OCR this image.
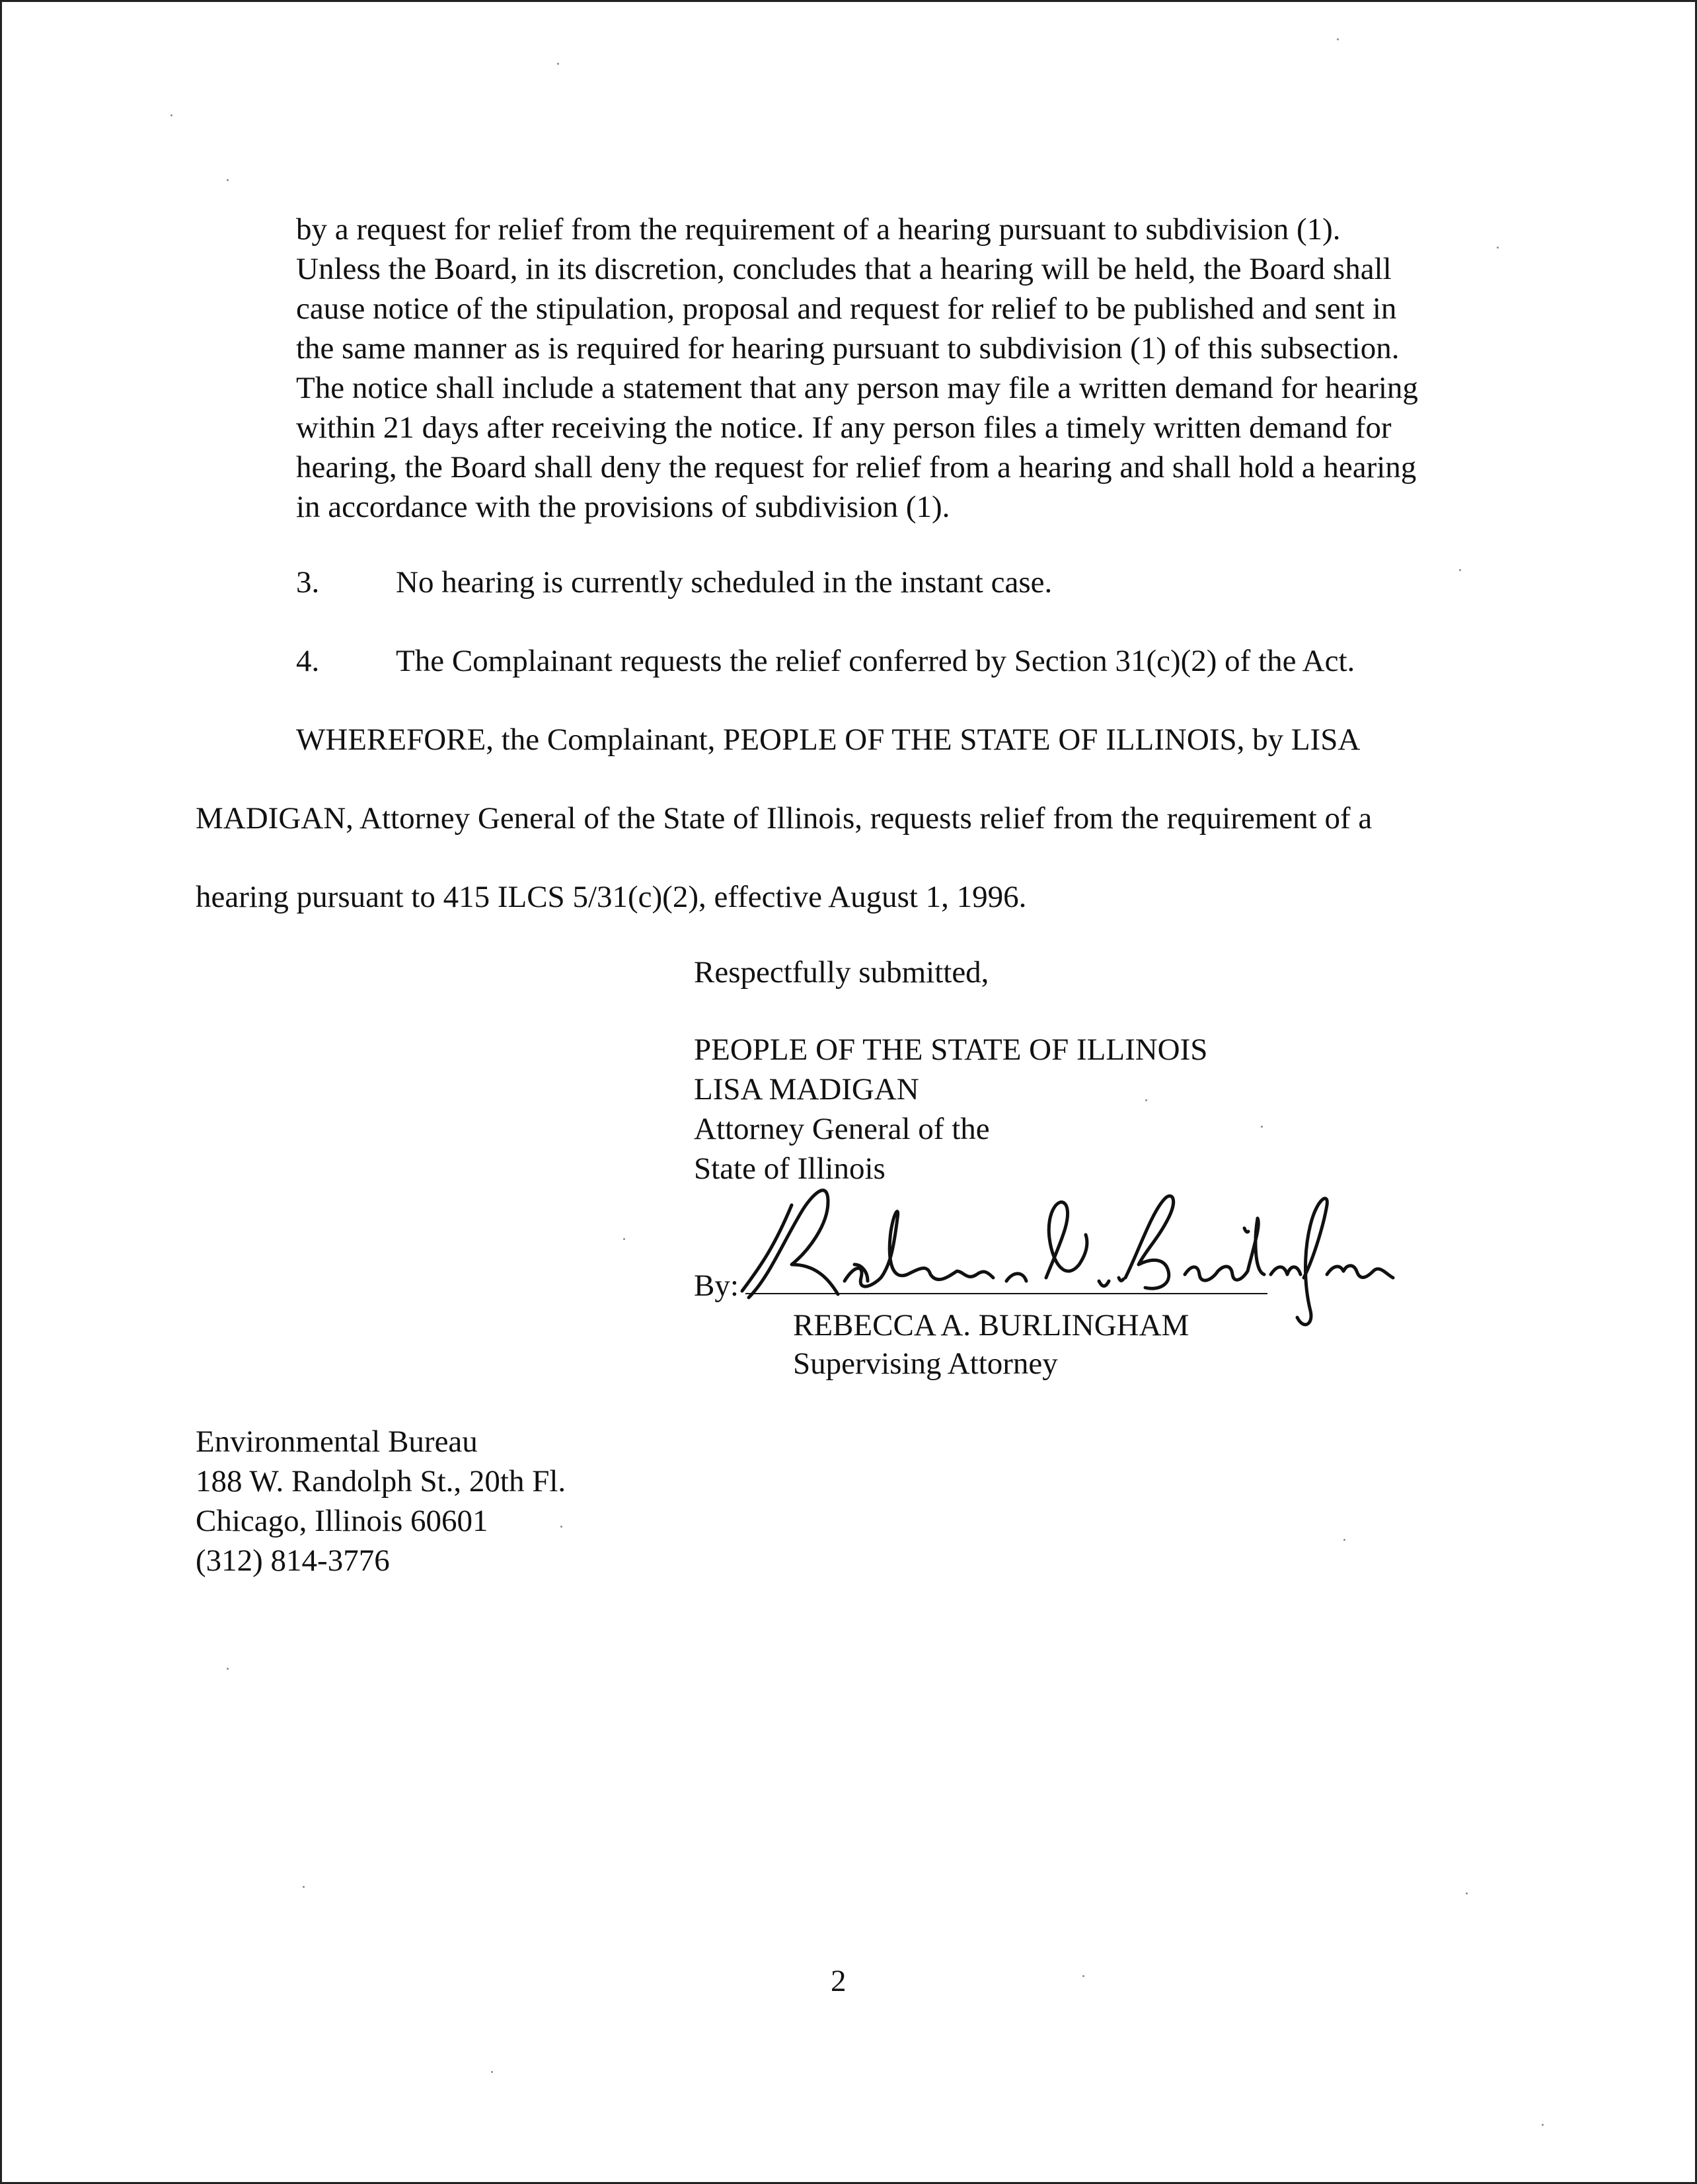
by a request for relief from the requirement of a hearing pursuant to subdivision (1).
Unless the Board, in its discretion, concludes that a hearing will be held, the Board shall
cause notice of the stipulation, proposal and request for relief to be published and sent in
the same manner as is required for hearing pursuant to subdivision (1) of this subsection.
The notice shall include a statement that any person may file a written demand for hearing
within 21 days after receiving the notice. If any person files a timely written demand for
hearing, the Board shall deny the request for relief from a hearing and shall hold a hearing
in accordance with the provisions of subdivision (1).

3. No hearing is currently scheduled in the instant case.

4. The Complainant requests the relief conferred by Section 31(c)(2) of the Act.

WHEREFORE, the Complainant, PEOPLE OF THE STATE OF ILLINOIS, by LISA

MADIGAN, Attorney General of the State of Illinois, requests relief from the requirement of a

hearing pursuant to 415 ILCS 5/31(c)(2), effective August 1, 1996.

Respectfully submitted,

PEOPLE OF THE STATE OF ILLINOIS
LISA MADIGAN
Attorney General of the
State of Illinois

By:

REBECCA A. BURLINGHAM

Supervising Attorney

Environmental Bureau
188 W. Randolph St., 20th Fl.
Chicago, Illinois 60601
(312) 814-3776

2
